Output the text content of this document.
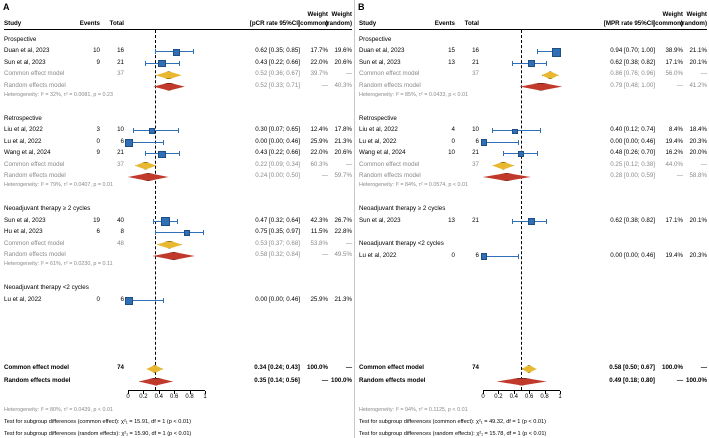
A
Study	Events Total	[pCR rate 95%CI]
Weight
(common)
Weight
(random)
Prospective
Duan et al, 2023	10	16	0.62 [0.35; 0.85] 17.7% 19.6%
Sun et al, 2023	9	21	0.43 [0.22; 0.66] 22.0% 20.6%
Common effect model	37	0.52 [0.36; 0.67] 39.7%	—
Random effects model	0.52 [0.33; 0.71]	— 40.3%
Heterogeneity: I² = 32%, τ² = 0.0081, p = 0.23
Retrospective
Liu et al, 2022	3	10	0.30 [0.07; 0.65] 12.4% 17.8%
Lu et al, 2022	0	6	0.00 [0.00; 0.46] 25.9% 21.3%
Wang et al, 2024	9	21	0.43 [0.22; 0.66] 22.0% 20.6%
Common effect model	37	0.22 [0.09; 0.34] 60.3%	—
Random effects model	0.24 [0.00; 0.50]	— 59.7%
Heterogeneity: I² = 79%, τ² = 0.0407, p = 0.01
Neoadjuvant therapy ≥ 2 cycles
Sun et al, 2023	19	40	0.47 [0.32; 0.64] 42.3% 26.7%
Hu et al, 2023	6	8	0.75 [0.35; 0.97] 11.5% 22.8%
Common effect model	48	0.53 [0.37; 0.68] 53.8%	—
Random effects model	0.58 [0.32; 0.84]	— 49.5%
Heterogeneity: I² = 61%, τ² = 0.0230, p = 0.11
Neoadjuvant therapy <2 cycles
Lu et al, 2022	0	6	0.00 [0.00; 0.46] 25.9% 21.3%
0	0.2 0.4 0.6 0.8	1
Common effect model	74	0.34 [0.24; 0.43] 100.0%	—
Random effects model	0.35 [0.14; 0.56]	— 100.0%
Heterogeneity: I² = 80%, τ² = 0.0439, p < 0.01
Test for subgroup differences (common effect): χ²₁ = 15.91, df = 1 (p < 0.01)
Test for subgroup differences (random effects): χ²₁ = 15.90, df = 1 (p < 0.01)
B
Study	Events Total	[MPR rate 95%CI]
Weight
(common)
Weight
(random)
Prospective
Duan et al, 2023	15	16	0.94 [0.70; 1.00] 38.9% 21.1%
Sun et al, 2023	13	21	0.62 [0.38; 0.82] 17.1% 20.1%
Common effect model	37	0.86 [0.76; 0.96] 56.0%	—
Random effects model	0.79 [0.48; 1.00]	— 41.2%
Heterogeneity: I² = 85%, τ² = 0.0433, p < 0.01
Retrospective
Liu et al, 2022	4	10	0.40 [0.12; 0.74] 8.4% 18.4%
Lu et al, 2022	0	6	0.00 [0.00; 0.46] 19.4% 20.3%
Wang et al, 2024	10	21	0.48 [0.26; 0.70] 16.2% 20.0%
Common effect model	37	0.25 [0.12; 0.38] 44.0%	—
Random effects model	0.28 [0.00; 0.59]	— 58.8%
Heterogeneity: I² = 84%, τ² = 0.0574, p < 0.01
Neoadjuvant therapy ≥ 2 cycles
Sun et al, 2023	13	21	0.62 [0.38; 0.82] 17.1% 20.1%
Neoadjuvant therapy <2 cycles
Lu et al, 2022	0	6	0.00 [0.00; 0.46] 19.4% 20.3%
0	0.2 0.4 0.6 0.8	1
Common effect model	74	0.58 [0.50; 0.67] 100.0%	—
Random effects model	0.49 [0.18; 0.80]	— 100.0%
Heterogeneity: I² = 94%, τ² = 0.1125, p < 0.01
Test for subgroup differences (common effect): χ²₁ = 49.32, df = 1 (p < 0.01)
Test for subgroup differences (random effects): χ²₁ = 15.78, df = 1 (p < 0.01)
